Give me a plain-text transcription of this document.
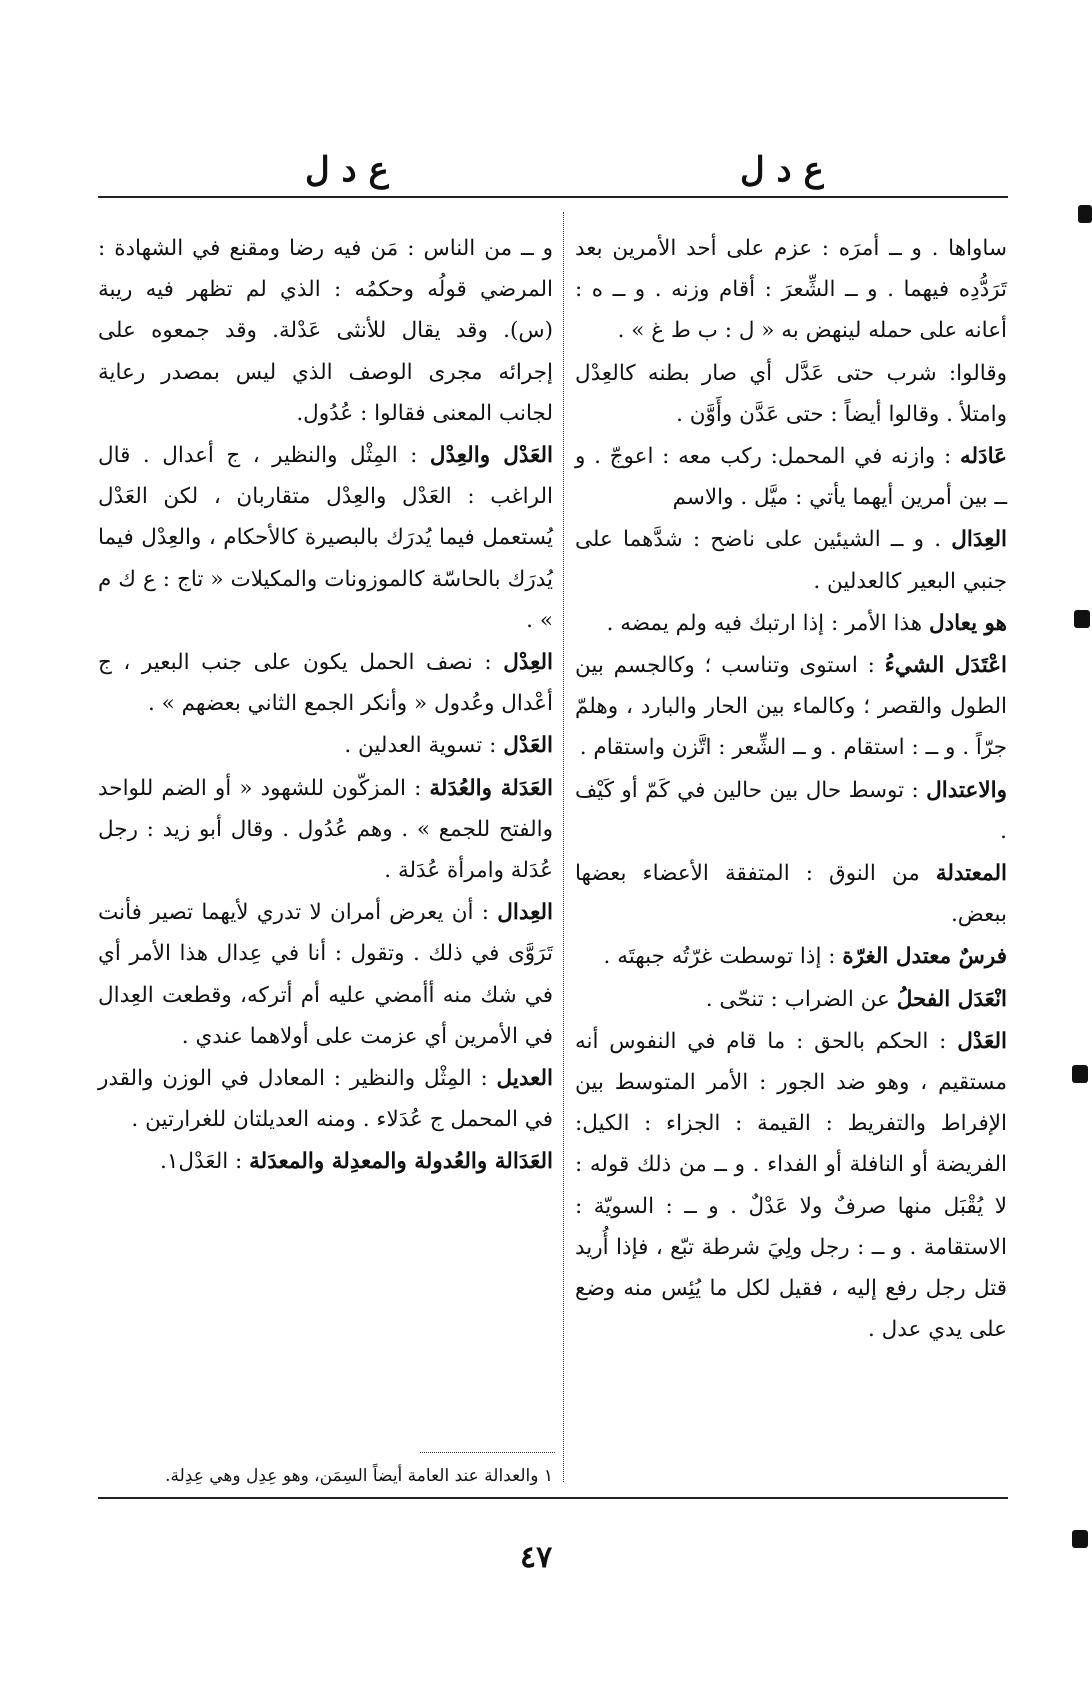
ع د ل
ع د ل

ساواها . و ــ أمرَه : عزم على أحد الأمرين بعد تَرَدُّدِه فيهما . و ــ الشِّعرَ : أقام وزنه . و ــ ه : أعانه على حمله لينهض به « ل : ب ط غ » .

وقالوا: شرب حتى عَدَّل أي صار بطنه كالعِدْل وامتلأ . وقالوا أيضاً : حتى عَدَّن وأَوَّن .

عَادَله : وازنه في المحمل: ركب معه : اعوجّ . و ــ بين أمرين أيهما يأتي : ميَّل . والاسم

العِدَال . و ــ الشيئين على ناضح : شدَّهما على جنبي البعير كالعدلين .

هو يعادل هذا الأمر : إذا ارتبك فيه ولم يمضه .

اعْتَدَل الشيءُ : استوى وتناسب ؛ وكالجسم بين الطول والقصر ؛ وكالماء بين الحار والبارد ، وهلمّ جرّاً . و ــ : استقام . و ــ الشِّعر : اتَّزن واستقام .

والاعتدال : توسط حال بين حالين في كَمّ أو كَيْف .

المعتدلة من النوق : المتفقة الأعضاء بعضها ببعض.

فرسٌ معتدل الغرّة : إذا توسطت غرّتُه جبهتَه .

انْعَدَل الفحلُ عن الضراب : تنحّى .

العَدْل : الحكم بالحق : ما قام في النفوس أنه مستقيم ، وهو ضد الجور : الأمر المتوسط بين الإفراط والتفريط : القيمة : الجزاء : الكيل: الفريضة أو النافلة أو الفداء . و ــ من ذلك قوله : لا يُقْبَل منها صرفٌ ولا عَدْلٌ . و ــ : السويّة : الاستقامة . و ــ : رجل ولِيَ شرطة تبّع ، فإذا أُريد قتل رجل رفع إليه ، فقيل لكل ما يُئِس منه وضع على يدي عدل .

و ــ من الناس : مَن فيه رضا ومقنع في الشهادة : المرضي قولُه وحكمُه : الذي لم تظهر فيه ريبة (س). وقد يقال للأنثى عَدْلة. وقد جمعوه على إجرائه مجرى الوصف الذي ليس بمصدر رعاية لجانب المعنى فقالوا : عُدُول.

العَدْل والعِدْل : المِثْل والنظير ، ج أعدال . قال الراغب : العَدْل والعِدْل متقاربان ، لكن العَدْل يُستعمل فيما يُدرَك بالبصيرة كالأحكام ، والعِدْل فيما يُدرَك بالحاسّة كالموزونات والمكيلات « تاج : ع ك م » .

العِدْل : نصف الحمل يكون على جنب البعير ، ج أعْدال وعُدول « وأنكر الجمع الثاني بعضهم » .

العَدْل : تسوية العدلين .

العَدَلة والعُدَلة : المزكّون للشهود « أو الضم للواحد والفتح للجمع » . وهم عُدُول . وقال أبو زيد : رجل عُدَلة وامرأة عُدَلة .

العِدال : أن يعرض أمران لا تدري لأيهما تصير فأنت تَرَوَّى في ذلك . وتقول : أنا في عِدال هذا الأمر أي في شك منه أأمضي عليه أم أتركه، وقطعت العِدال في الأمرين أي عزمت على أولاهما عندي .

العديل : المِثْل والنظير : المعادل في الوزن والقدر في المحمل ج عُدَلاء . ومنه العديلتان للغرارتين .

العَدَالة والعُدولة والمعدِلة والمعدَلة : العَدْل١.

١ والعدالة عند العامة أيضاً السِمَن، وهو عِدِل وهي عِدِلة.
٤٧
